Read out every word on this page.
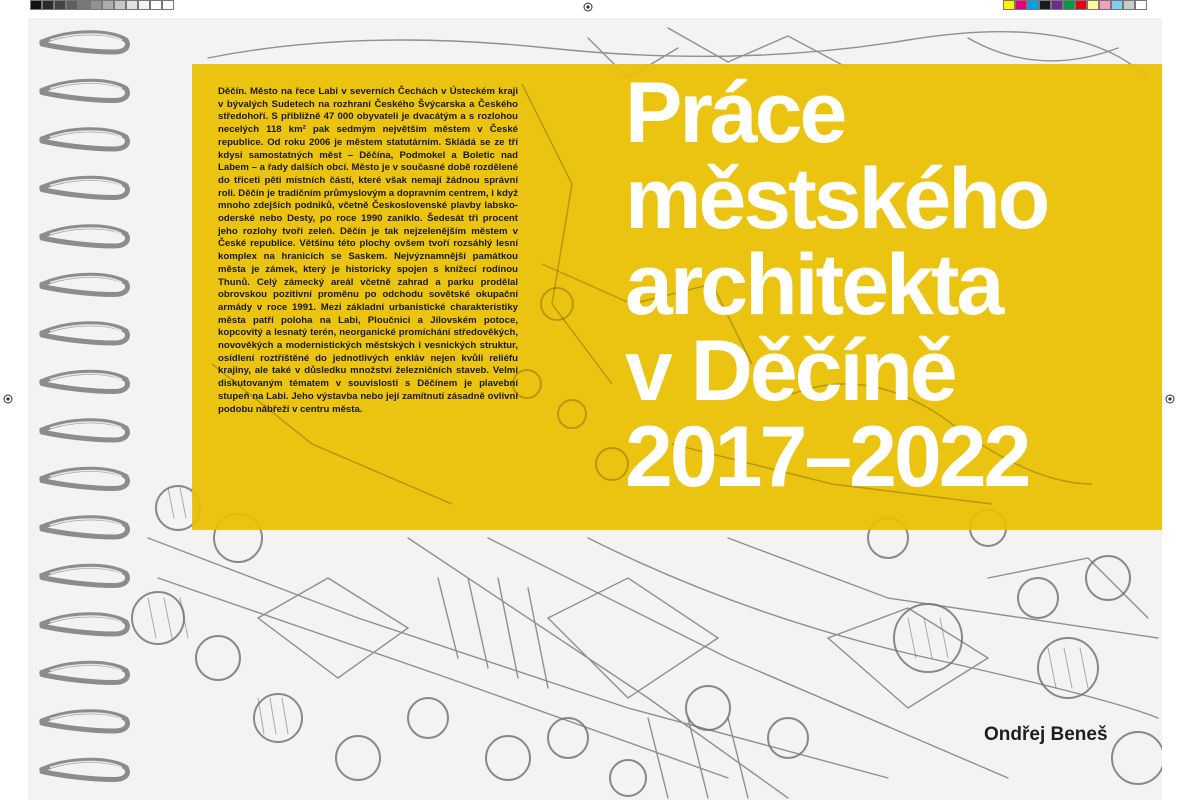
Děčín. Město na řece Labi v severních Čechách v Ústeckém kraji v bývalých Sudetech na rozhraní Českého Švýcarska a Českého středohoří. S přibližně 47 000 obyvateli je dvacátým a s rozlohou necelých 118 km² pak sedmým největším městem v České republice. Od roku 2006 je městem statutárním. Skládá se ze tří kdysi samostatných měst – Děčína, Podmokel a Boletic nad Labem – a řady dalších obcí. Město je v současné době rozdělené do třiceti pěti místních částí, které však nemají žádnou správní roli. Děčín je tradičním průmyslovým a dopravním centrem, i když mnoho zdejších podniků, včetně Československé plavby labsko-oderské nebo Desty, po roce 1990 zaniklo. Šedesát tři procent jeho rozlohy tvoří zeleň. Děčín je tak nejzelenějším městem v České republice. Většinu této plochy ovšem tvoří rozsáhlý lesní komplex na hranicích se Saskem. Nejvýznamnější památkou města je zámek, který je historicky spojen s knížecí rodinou Thunů. Celý zámecký areál včetně zahrad a parku prodělal obrovskou pozitivní proměnu po odchodu sovětské okupační armády v roce 1991. Mezi základní urbanistické charakteristiky města patří poloha na Labi, Ploučnici a Jílovském potoce, kopcovitý a lesnatý terén, neorganické promíchání středověkých, novověkých a modernistických městských i vesnických struktur, osídlení roztříštěné do jednotlivých enkláv nejen kvůli reliéfu krajiny, ale také v důsledku množství železničních staveb. Velmi diskutovaným tématem v souvislosti s Děčínem je plavební stupeň na Labi. Jeho výstavba nebo její zamítnutí zásadně ovlivní podobu nábřeží v centru města.

Práce
městského
architekta
v Děčíně
2017–2022

Ondřej Beneš
